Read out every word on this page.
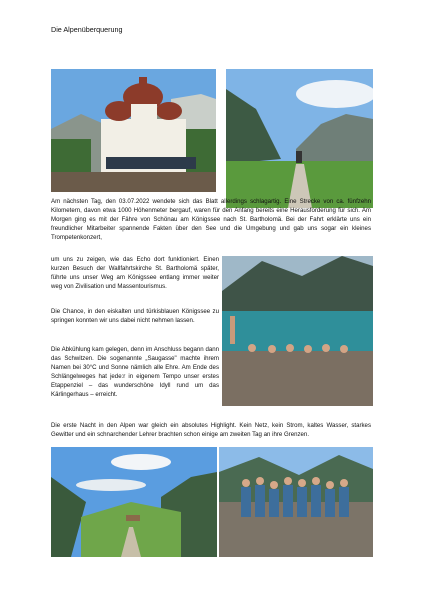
Die Alpenüberquerung
Am nächsten Tag, den 03.07.2022 wendete sich das Blatt allerdings schlagartig. Eine Strecke von ca. fünfzehn Kilometern, davon etwa 1000 Höhenmeter bergauf, waren für den Anfang bereits eine Herausforderung für sich. Am Morgen ging es mit der Fähre von Schönau am Königssee nach St. Bartholomä. Bei der Fahrt erklärte uns ein freundlicher Mitarbeiter spannende Fakten über den See und die Umgebung und gab uns sogar ein kleines Trompetenkonzert,
um uns zu zeigen, wie das Echo dort funktioniert. Einen kurzen Besuch der Wallfahrtskirche St. Bartholomä später, führte uns unser Weg am Königssee entlang immer weiter weg von Zivilisation und Massentourismus.
Die Chance, in den eiskalten und türkisblauen Königssee zu springen konnten wir uns dabei nicht nehmen lassen.
Die Abkühlung kam gelegen, denn im Anschluss begann dann das Schwitzen. Die sogenannte „Saugasse" machte ihrem Namen bei 30°C und Sonne nämlich alle Ehre. Am Ende des Schlängelweges hat jede:r in eigenem Tempo unser erstes Etappenziel – das wunderschöne Idyll rund um das Kärlingerhaus – erreicht.
Die erste Nacht in den Alpen war gleich ein absolutes Highlight. Kein Netz, kein Strom, kaltes Wasser, starkes Gewitter und ein schnarchender Lehrer brachten schon einige am zweiten Tag an ihre Grenzen.
